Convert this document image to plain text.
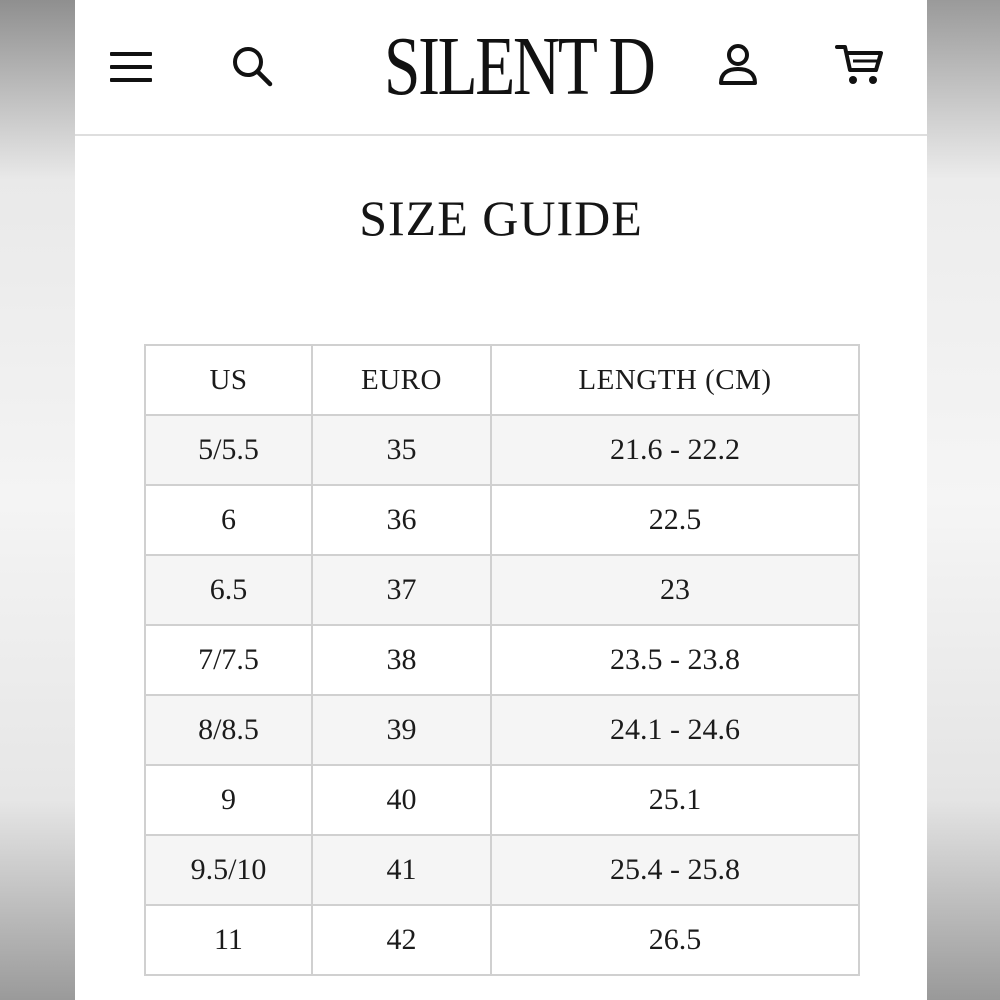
SILENT D
SIZE GUIDE
US	EURO	LENGTH (CM)
5/5.5	35	21.6 - 22.2
6	36	22.5
6.5	37	23
7/7.5	38	23.5 - 23.8
8/8.5	39	24.1 - 24.6
9	40	25.1
9.5/10	41	25.4 - 25.8
11	42	26.5
